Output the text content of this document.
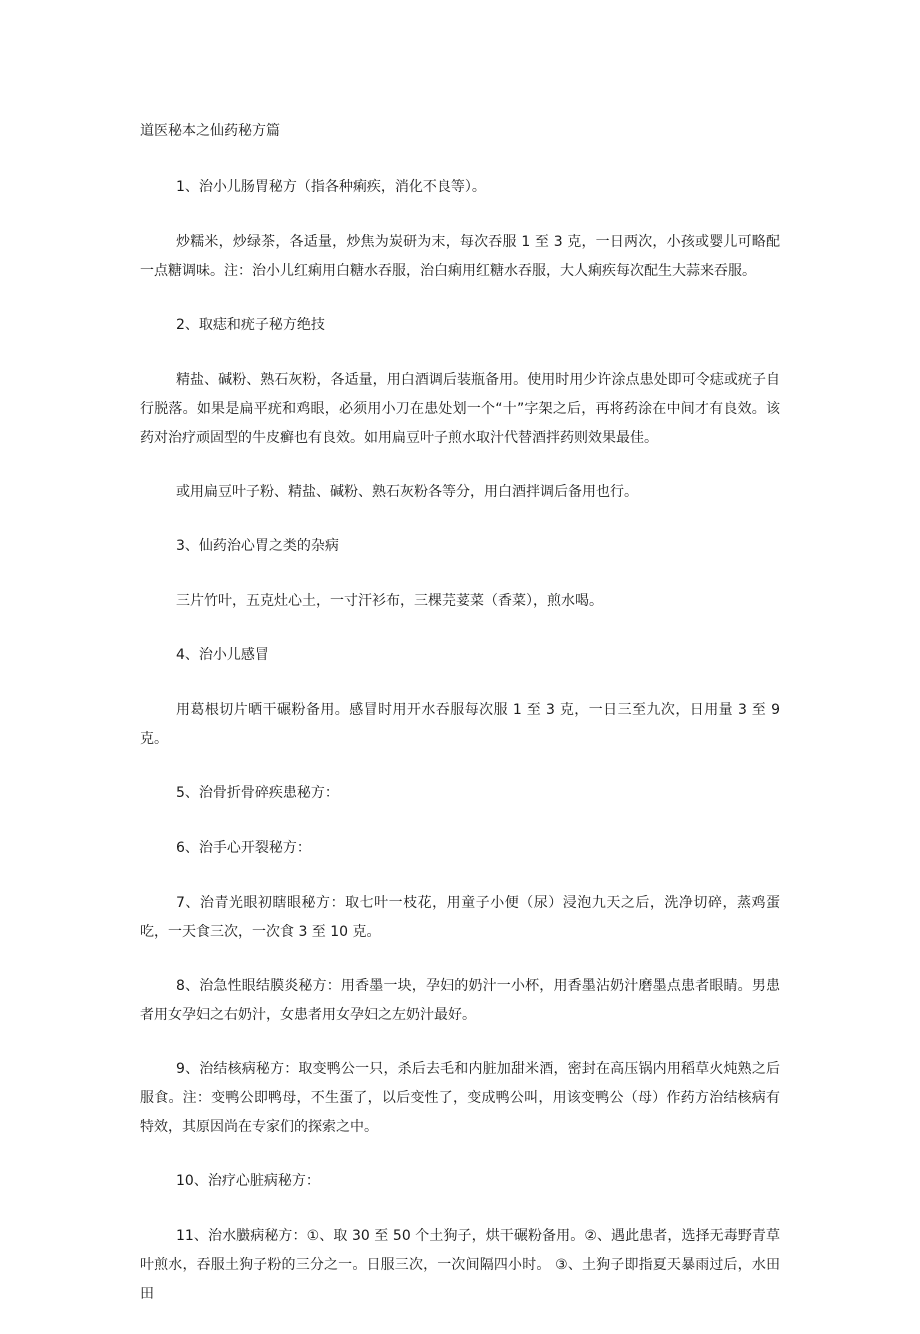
道医秘本之仙药秘方篇

1、治小儿肠胃秘方（指各种痢疾，消化不良等）。

炒糯米，炒绿茶，各适量，炒焦为炭研为末，每次吞服 1 至 3 克，一日两次，小孩或婴儿可略配一点糖调味。注：治小儿红痢用白糖水吞服，治白痢用红糖水吞服，大人痢疾每次配生大蒜来吞服。

2、取痣和疣子秘方绝技

精盐、碱粉、熟石灰粉，各适量，用白酒调后装瓶备用。使用时用少许涂点患处即可令痣或疣子自行脱落。如果是扁平疣和鸡眼，必须用小刀在患处划一个“十”字架之后，再将药涂在中间才有良效。该药对治疗顽固型的牛皮癣也有良效。如用扁豆叶子煎水取汁代替酒拌药则效果最佳。

或用扁豆叶子粉、精盐、碱粉、熟石灰粉各等分，用白酒拌调后备用也行。

3、仙药治心胃之类的杂病

三片竹叶，五克灶心土，一寸汗衫布，三棵芫荽菜（香菜），煎水喝。

4、治小儿感冒

用葛根切片晒干碾粉备用。感冒时用开水吞服每次服 1 至 3 克，一日三至九次，日用量 3 至 9 克。

5、治骨折骨碎疾患秘方：

6、治手心开裂秘方：

7、治青光眼初瞎眼秘方：取七叶一枝花，用童子小便（尿）浸泡九天之后，洗净切碎，蒸鸡蛋吃，一天食三次，一次食 3 至 10 克。

8、治急性眼结膜炎秘方：用香墨一块，孕妇的奶汁一小杯，用香墨沾奶汁磨墨点患者眼睛。男患者用女孕妇之右奶汁，女患者用女孕妇之左奶汁最好。

9、治结核病秘方：取变鸭公一只，杀后去毛和内脏加甜米酒，密封在高压锅内用稻草火炖熟之后服食。注：变鸭公即鸭母，不生蛋了，以后变性了，变成鸭公叫，用该变鸭公（母）作药方治结核病有特效，其原因尚在专家们的探索之中。

10、治疗心脏病秘方：

11、治水臌病秘方：①、取 30 至 50 个土狗子，烘干碾粉备用。②、遇此患者，选择无毒野青草叶煎水，吞服土狗子粉的三分之一。日服三次，一次间隔四小时。 ③、土狗子即指夏天暴雨过后，水田田
